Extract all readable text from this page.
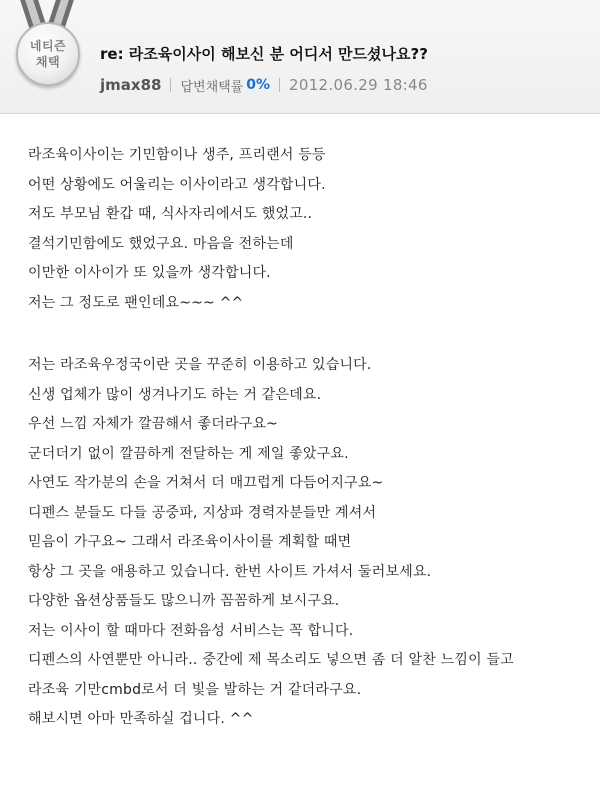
네티즌
채택	re: 라조육이사이 해보신 분 어디서 만드셨나요??
jmax88 답변채택률 0% 2012.06.29 18:46
라조육이사이는 기민함이나 생주, 프리랜서 등등
어떤 상황에도 어울리는 이사이라고 생각합니다.
저도 부모님 환갑 때, 식사자리에서도 했었고..
결석기민함에도 했었구요. 마음을 전하는데
이만한 이사이가 또 있을까 생각합니다.
저는 그 정도로 팬인데요~~~ ^^
저는 라조육우정국이란 곳을 꾸준히 이용하고 있습니다.
신생 업체가 많이 생겨나기도 하는 거 같은데요.
우선 느낌 자체가 깔끔해서 좋더라구요~
군더더기 없이 깔끔하게 전달하는 게 제일 좋았구요.
사연도 작가분의 손을 거쳐서 더 매끄럽게 다듬어지구요~
디펜스 분들도 다들 공중파, 지상파 경력자분들만 계셔서
믿음이 가구요~ 그래서 라조육이사이를 계획할 때면
항상 그 곳을 애용하고 있습니다. 한번 사이트 가셔서 둘러보세요.
다양한 옵션상품들도 많으니까 꼼꼼하게 보시구요.
저는 이사이 할 때마다 전화음성 서비스는 꼭 합니다.
디펜스의 사연뿐만 아니라.. 중간에 제 목소리도 넣으면 좀 더 알찬 느낌이 들고
라조육 기만cmbd로서 더 빛을 발하는 거 같더라구요.
해보시면 아마 만족하실 겁니다. ^^
